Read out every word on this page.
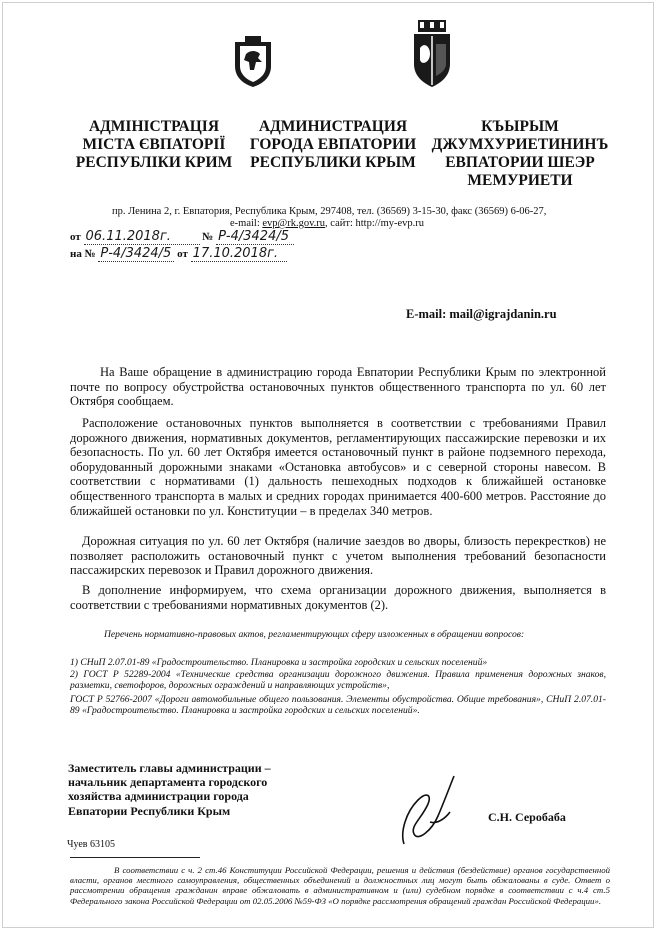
АДМІНІСТРАЦІЯ
МІСТА ЄВПАТОРІЇ
РЕСПУБЛІКИ КРИМ
АДМИНИСТРАЦИЯ
ГОРОДА ЕВПАТОРИИ
РЕСПУБЛИКИ КРЫМ
КЪЫРЫМ
ДЖУМХУРИЕТИНИНЪ
ЕВПАТОРИИ ШЕЭР
МЕМУРИЕТИ
пр. Ленина 2, г. Евпатория, Республика Крым, 297408, тел. (36569) 3-15-30, факс (36569) 6-06-27,
e-mail: evp@rk.gov.ru, сайт: http://my-evp.ru
от 06.11.2018г.	№ Р-4/3424/5
на № Р-4/3424/5 от 17.10.2018г.
E-mail: mail@igrajdanin.ru
На Ваше обращение в администрацию города Евпатории Республики Крым по электронной почте по вопросу обустройства остановочных пунктов общественного транспорта по ул. 60 лет Октября сообщаем.
Расположение остановочных пунктов выполняется в соответствии с требованиями Правил дорожного движения, нормативных документов, регламентирующих пассажирские перевозки и их безопасность. По ул. 60 лет Октября имеется остановочный пункт в районе подземного перехода, оборудованный дорожными знаками «Остановка автобусов» и с северной стороны навесом. В соответствии с нормативами (1) дальность пешеходных подходов к ближайшей остановке общественного транспорта в малых и средних городах принимается 400-600 метров. Расстояние до ближайшей остановки по ул. Конституции – в пределах 340 метров.
Дорожная ситуация по ул. 60 лет Октября (наличие заездов во дворы, близость перекрестков) не позволяет расположить остановочный пункт с учетом выполнения требований безопасности пассажирских перевозок и Правил дорожного движения.
В дополнение информируем, что схема организации дорожного движения, выполняется в соответствии с требованиями нормативных документов (2).
Перечень нормативно-правовых актов, регламентирующих сферу изложенных в обращении вопросов:
1) СНиП 2.07.01-89 «Градостроительство. Планировка и застройка городских и сельских поселений»
2) ГОСТ Р 52289-2004 «Технические средства организации дорожного движения. Правила применения дорожных знаков, разметки, светофоров, дорожных ограждений и направляющих устройств»,
ГОСТ Р 52766-2007 «Дороги автомобильные общего пользования. Элементы обустройства. Общие требования», СНиП 2.07.01-89 «Градостроительство. Планировка и застройка городских и сельских поселений».
Заместитель главы администрации –
начальник департамента городского
хозяйства администрации города
Евпатории Республики Крым	С.Н. Серобаба
Чуев 63105
В соответствии с ч. 2 ст.46 Конституции Российской Федерации, решения и действия (бездействие) органов государственной власти, органов местного самоуправления, общественных объединений и должностных лиц могут быть обжалованы в суде. Ответ о рассмотрении обращения гражданин вправе обжаловать в административном и (или) судебном порядке в соответствии с ч.4 ст.5 Федерального закона Российской Федерации от 02.05.2006 №59-ФЗ «О порядке рассмотрения обращений граждан Российской Федерации».
